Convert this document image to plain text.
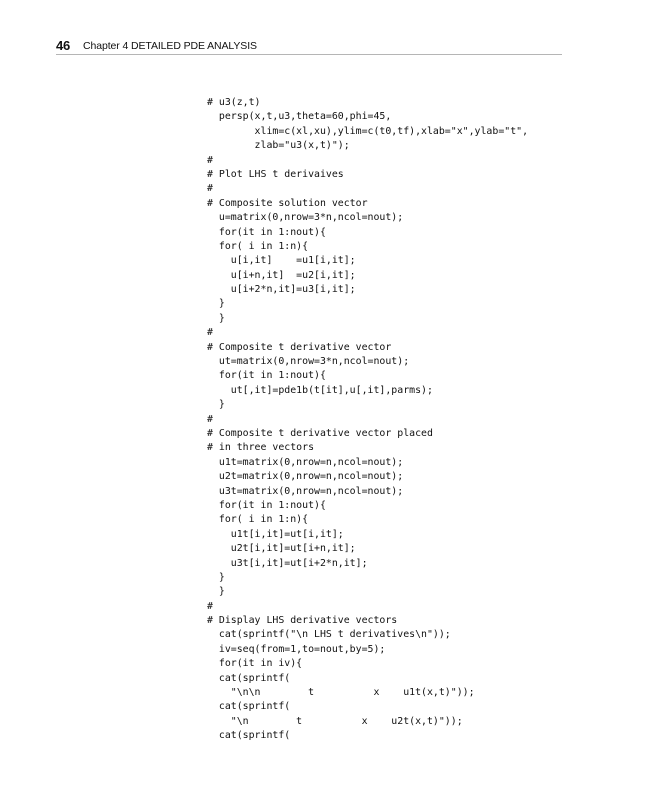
46 Chapter 4 DETAILED PDE ANALYSIS
# u3(z,t)
persp(x,t,u3,theta=60,phi=45,
xlim=c(xl,xu),ylim=c(t0,tf),xlab="x",ylab="t",
zlab="u3(x,t)");
#
# Plot LHS t derivaives
#
# Composite solution vector
u=matrix(0,nrow=3*n,ncol=nout);
for(it in 1:nout){
for( i in 1:n){
u[i,it]    =u1[i,it];
u[i+n,it]  =u2[i,it];
u[i+2*n,it]=u3[i,it];
}
}
#
# Composite t derivative vector
ut=matrix(0,nrow=3*n,ncol=nout);
for(it in 1:nout){
ut[,it]=pde1b(t[it],u[,it],parms);
}
#
# Composite t derivative vector placed
# in three vectors
u1t=matrix(0,nrow=n,ncol=nout);
u2t=matrix(0,nrow=n,ncol=nout);
u3t=matrix(0,nrow=n,ncol=nout);
for(it in 1:nout){
for( i in 1:n){
u1t[i,it]=ut[i,it];
u2t[i,it]=ut[i+n,it];
u3t[i,it]=ut[i+2*n,it];
}
}
#
# Display LHS derivative vectors
cat(sprintf("\n LHS t derivatives\n"));
iv=seq(from=1,to=nout,by=5);
for(it in iv){
cat(sprintf(
"\n\n        t          x    u1t(x,t)"));
cat(sprintf(
"\n        t          x    u2t(x,t)"));
cat(sprintf(
